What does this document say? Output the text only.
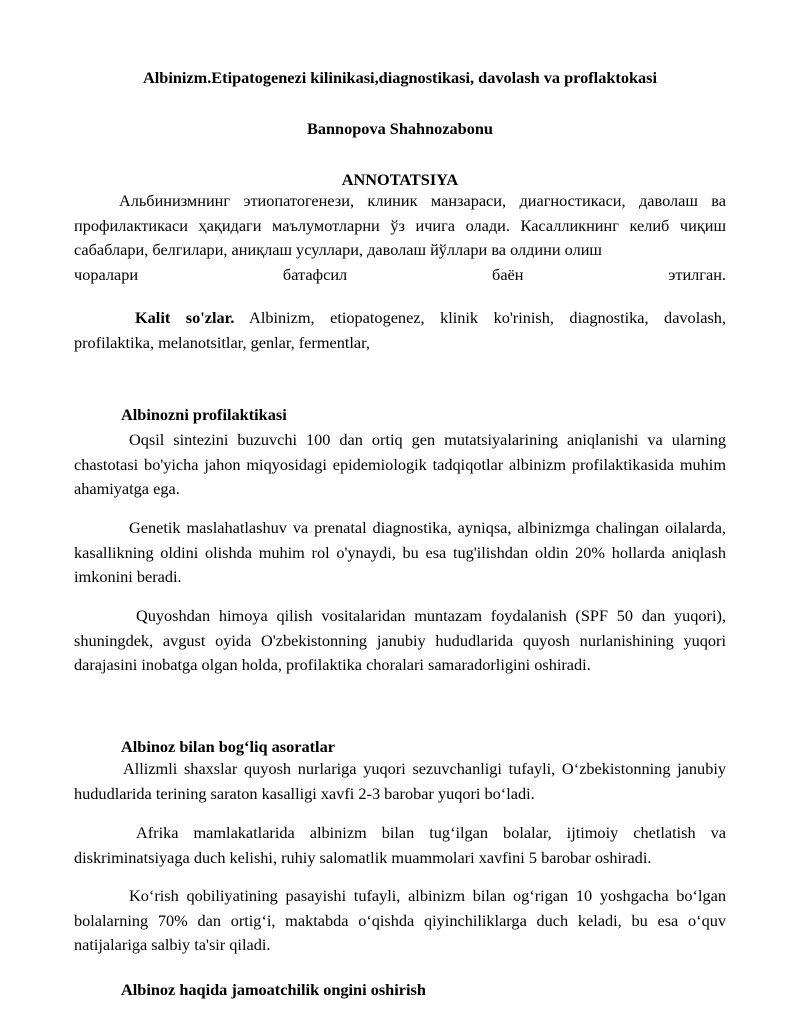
Albinizm.Etipatogenezi kilinikasi,diagnostikasi, davolash va proflaktokasi
Bannopova Shahnozabonu
ANNOTATSIYA

Альбинизмнинг этиопатогенези, клиник манзараси, диагностикаси, даволаш ва профилактикаси ҳақидаги маълумотларни ўз ичига олади. Касалликнинг келиб чиқиш сабаблари, белгилари, аниқлаш усуллари, даволаш йўллари ва олдини олиш

чоралари батафсил баён этилган.

Kalit so'zlar. Albinizm, etiopatogenez, klinik ko'rinish, diagnostika, davolash, profilaktika, melanotsitlar, genlar, fermentlar,

Albinozni profilaktikasi

Oqsil sintezini buzuvchi 100 dan ortiq gen mutatsiyalarining aniqlanishi va ularning chastotasi bo'yicha jahon miqyosidagi epidemiologik tadqiqotlar albinizm profilaktikasida muhim ahamiyatga ega.

Genetik maslahatlashuv va prenatal diagnostika, ayniqsa, albinizmga chalingan oilalarda, kasallikning oldini olishda muhim rol o'ynaydi, bu esa tug'ilishdan oldin 20% hollarda aniqlash imkonini beradi.

Quyoshdan himoya qilish vositalaridan muntazam foydalanish (SPF 50 dan yuqori), shuningdek, avgust oyida O'zbekistonning janubiy hududlarida quyosh nurlanishining yuqori darajasini inobatga olgan holda, profilaktika choralari samaradorligini oshiradi.

Albinoz bilan bog‘liq asoratlar

Allizmli shaxslar quyosh nurlariga yuqori sezuvchanligi tufayli, O‘zbekistonning janubiy hududlarida terining saraton kasalligi xavfi 2-3 barobar yuqori bo‘ladi.

Afrika mamlakatlarida albinizm bilan tug‘ilgan bolalar, ijtimoiy chetlatish va diskriminatsiyaga duch kelishi, ruhiy salomatlik muammolari xavfini 5 barobar oshiradi.

Ko‘rish qobiliyatining pasayishi tufayli, albinizm bilan og‘rigan 10 yoshgacha bo‘lgan bolalarning 70% dan ortig‘i, maktabda o‘qishda qiyinchiliklarga duch keladi, bu esa o‘quv natijalariga salbiy ta'sir qiladi.

Albinoz haqida jamoatchilik ongini oshirish
